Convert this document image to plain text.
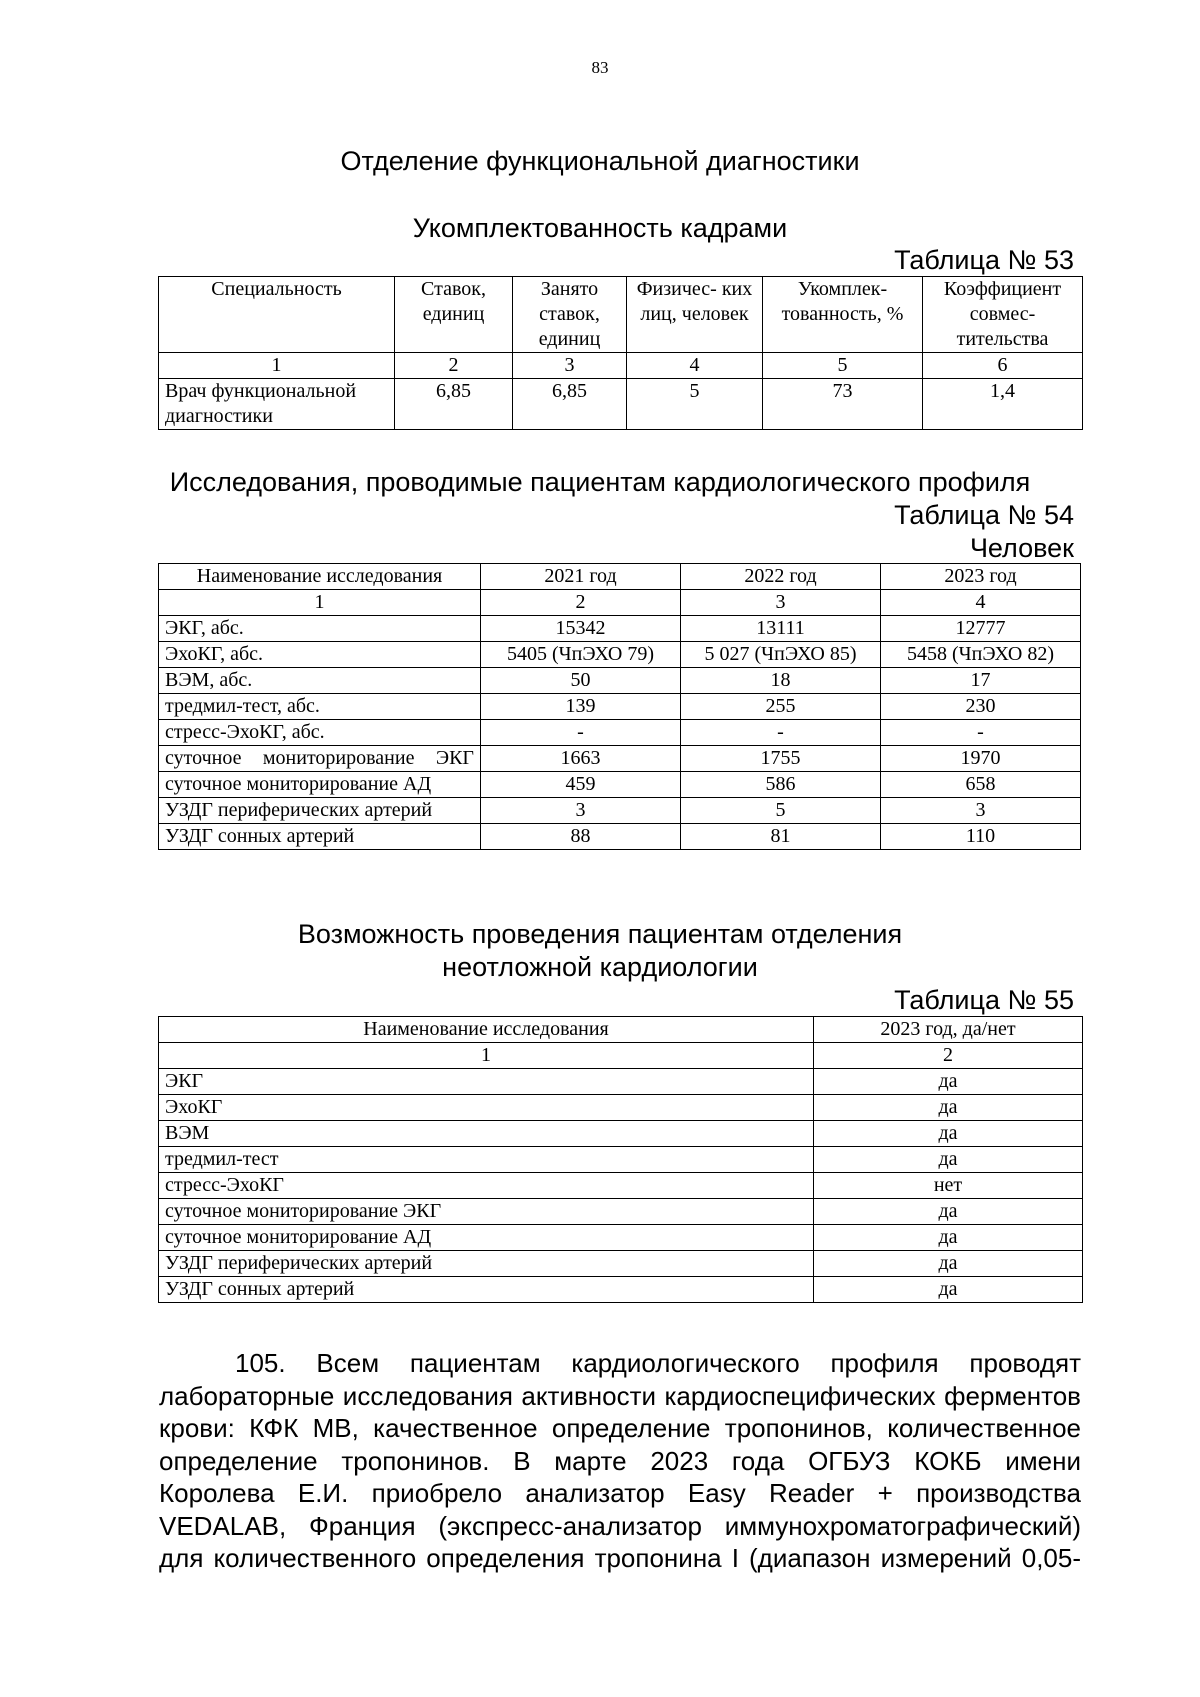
83
Отделение функциональной диагностики
Укомплектованность кадрами
Таблица № 53
Специальность	Ставок, единиц	Занято ставок, единиц	Физичес- ких лиц, человек	Укомплек- тованность, %	Коэффициент совмес- тительства
1	2	3	4	5	6
Врач функциональной диагностики	6,85	6,85	5	73	1,4
Исследования, проводимые пациентам кардиологического профиля
Таблица № 54
Человек
Наименование исследования	2021 год	2022 год	2023 год
1	2	3	4
ЭКГ, абс.	15342	13111	12777
ЭхоКГ, абс.	5405 (ЧпЭХО 79)	5 027 (ЧпЭХО 85)	5458 (ЧпЭХО 82)
ВЭМ, абс.	50	18	17
тредмил-тест, абс.	139	255	230
стресс-ЭхоКГ, абс.	-	-	-
суточное мониторирование ЭКГ	1663	1755	1970
суточное мониторирование АД	459	586	658
УЗДГ периферических артерий	3	5	3
УЗДГ сонных артерий	88	81	110
Возможность проведения пациентам отделения
неотложной кардиологии
Таблица № 55
Наименование исследования	2023 год, да/нет
1	2
ЭКГ	да
ЭхоКГ	да
ВЭМ	да
тредмил-тест	да
стресс-ЭхоКГ	нет
суточное мониторирование ЭКГ	да
суточное мониторирование АД	да
УЗДГ периферических артерий	да
УЗДГ сонных артерий	да
105. Всем пациентам кардиологического профиля проводят
лабораторные исследования активности кардиоспецифических ферментов
крови: КФК МВ, качественное определение тропонинов, количественное
определение тропонинов. В марте 2023 года ОГБУЗ КОКБ имени
Королева Е.И. приобрело анализатор Easy Reader + производства
VEDALAB, Франция (экспресс-анализатор иммунохроматографический)
для количественного определения тропонина I (диапазон измерений 0,05-
